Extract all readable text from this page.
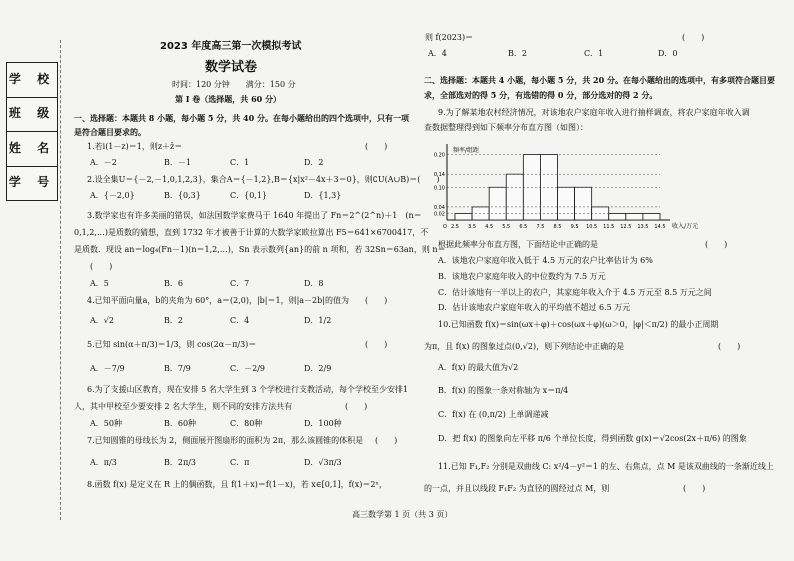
学 校
班 级
姓 名
学 号
2023 年度高三第一次模拟考试
数学试卷
时间：120 分钟　　满分：150 分
第 I 卷（选择题，共 60 分）
一、选择题：本题共 8 小题，每小题 5 分，共 40 分。在每小题给出的四个选项中，只有一项是符合题目要求的。
1.若i(1－z)＝1，则z＋z̄＝	(　　)
A．－2	B．－1	C．1	D．2
2.设全集U＝{－2,－1,0,1,2,3}，集合A＝{－1,2},B＝{x|x²－4x＋3＝0}，则∁U(A∪B)＝(　　)
A．{－2,0}	B．{0,3}	C．{0,1}	D．{1,3}
3.数学家也有许多美丽的错误，如法国数学家费马于 1640 年提出了 Fn＝2^(2^n)＋1　(n＝
0,1,2,…)是质数的猜想，直到 1732 年才被善于计算的大数学家欧拉算出 F5＝641×6700417，不
是质数．现设 an＝log₄(Fn－1)(n＝1,2,…)，Sn 表示数列{an}的前 n 项和，若 32Sn＝63an，则 n＝
(　　)
A．5	B．6	C．7	D．8
4.已知平面向量a，b的夹角为 60°，a＝(2,0)，|b|＝1，则|a－2b|的值为 (　　)
A．√2	B．2	C．4	D．1/2
5.已知 sin(α＋π/3)＝1/3，则 cos(2α－π/3)＝	(　　)
A．－7/9	B．7/9	C．－2/9	D．2/9
6.为了支援山区教育，现在安排 5 名大学生到 3 个学校进行支教活动，每个学校至少安排1
人，其中甲校至少要安排 2 名大学生，则不同的安排方法共有	(　　)
A．50种	B．60种	C．80种	D．100种
7.已知圆锥的母线长为 2，侧面展开图扇形的面积为 2π，那么该圆锥的体积是 (　　)
A．π/3	B．2π/3	C．π	D．√3π/3
8.函数 f(x) 是定义在 R 上的偶函数，且 f(1＋x)＝f(1－x)，若 x∈[0,1]，f(x)＝2ˣ，
则 f(2023)＝	(　　)
A．4	B．2	C．1	D．0
二、选择题：本题共 4 小题，每小题 5 分，共 20 分。在每小题给出的选项中，有多项符合题目要求，全部选对的得 5 分，有选错的得 0 分，部分选对的得 2 分。
9.为了解某地农村经济情况，对该地农户家庭年收入进行抽样调查，将农户家庭年收入调
查数据整理得到如下频率分布直方图（如图）：
0.20
0.14
0.10
0.04
0.02
2.5 3.5 4.5 5.5 6.5 7.5 8.5 9.5 10.5 11.5 12.5 13.5 14.5
O
频率/组距
收入/万元
根据此频率分布直方图，下面结论中正确的是	(　　)
A．该地农户家庭年收入低于 4.5 万元的农户比率估计为 6%
B．该地农户家庭年收入的中位数约为 7.5 万元
C．估计该地有一半以上的农户，其家庭年收入介于 4.5 万元至 8.5 万元之间
D．估计该地农户家庭年收入的平均值不超过 6.5 万元
10.已知函数 f(x)＝sin(ωx＋φ)＋cos(ωx＋φ)(ω＞0，|φ|＜π/2) 的最小正周期
为π，且 f(x) 的图象过点(0,√2)，则下列结论中正确的是	(　　)
A．f(x) 的最大值为√2
B．f(x) 的图象一条对称轴为 x＝π/4
C．f(x) 在 (0,π/2) 上单调递减
D．把 f(x) 的图象向左平移 π/6 个单位长度，得到函数 g(x)＝√2cos(2x＋π/6) 的图象
11.已知 F₁,F₂ 分别是双曲线 C: x²/4－y²＝1 的左、右焦点，点 M 是该双曲线的一条渐近线上
的一点，并且以线段 F₁F₂ 为直径的圆经过点 M，则	(　　)
高三数学第 1 页（共 3 页）
